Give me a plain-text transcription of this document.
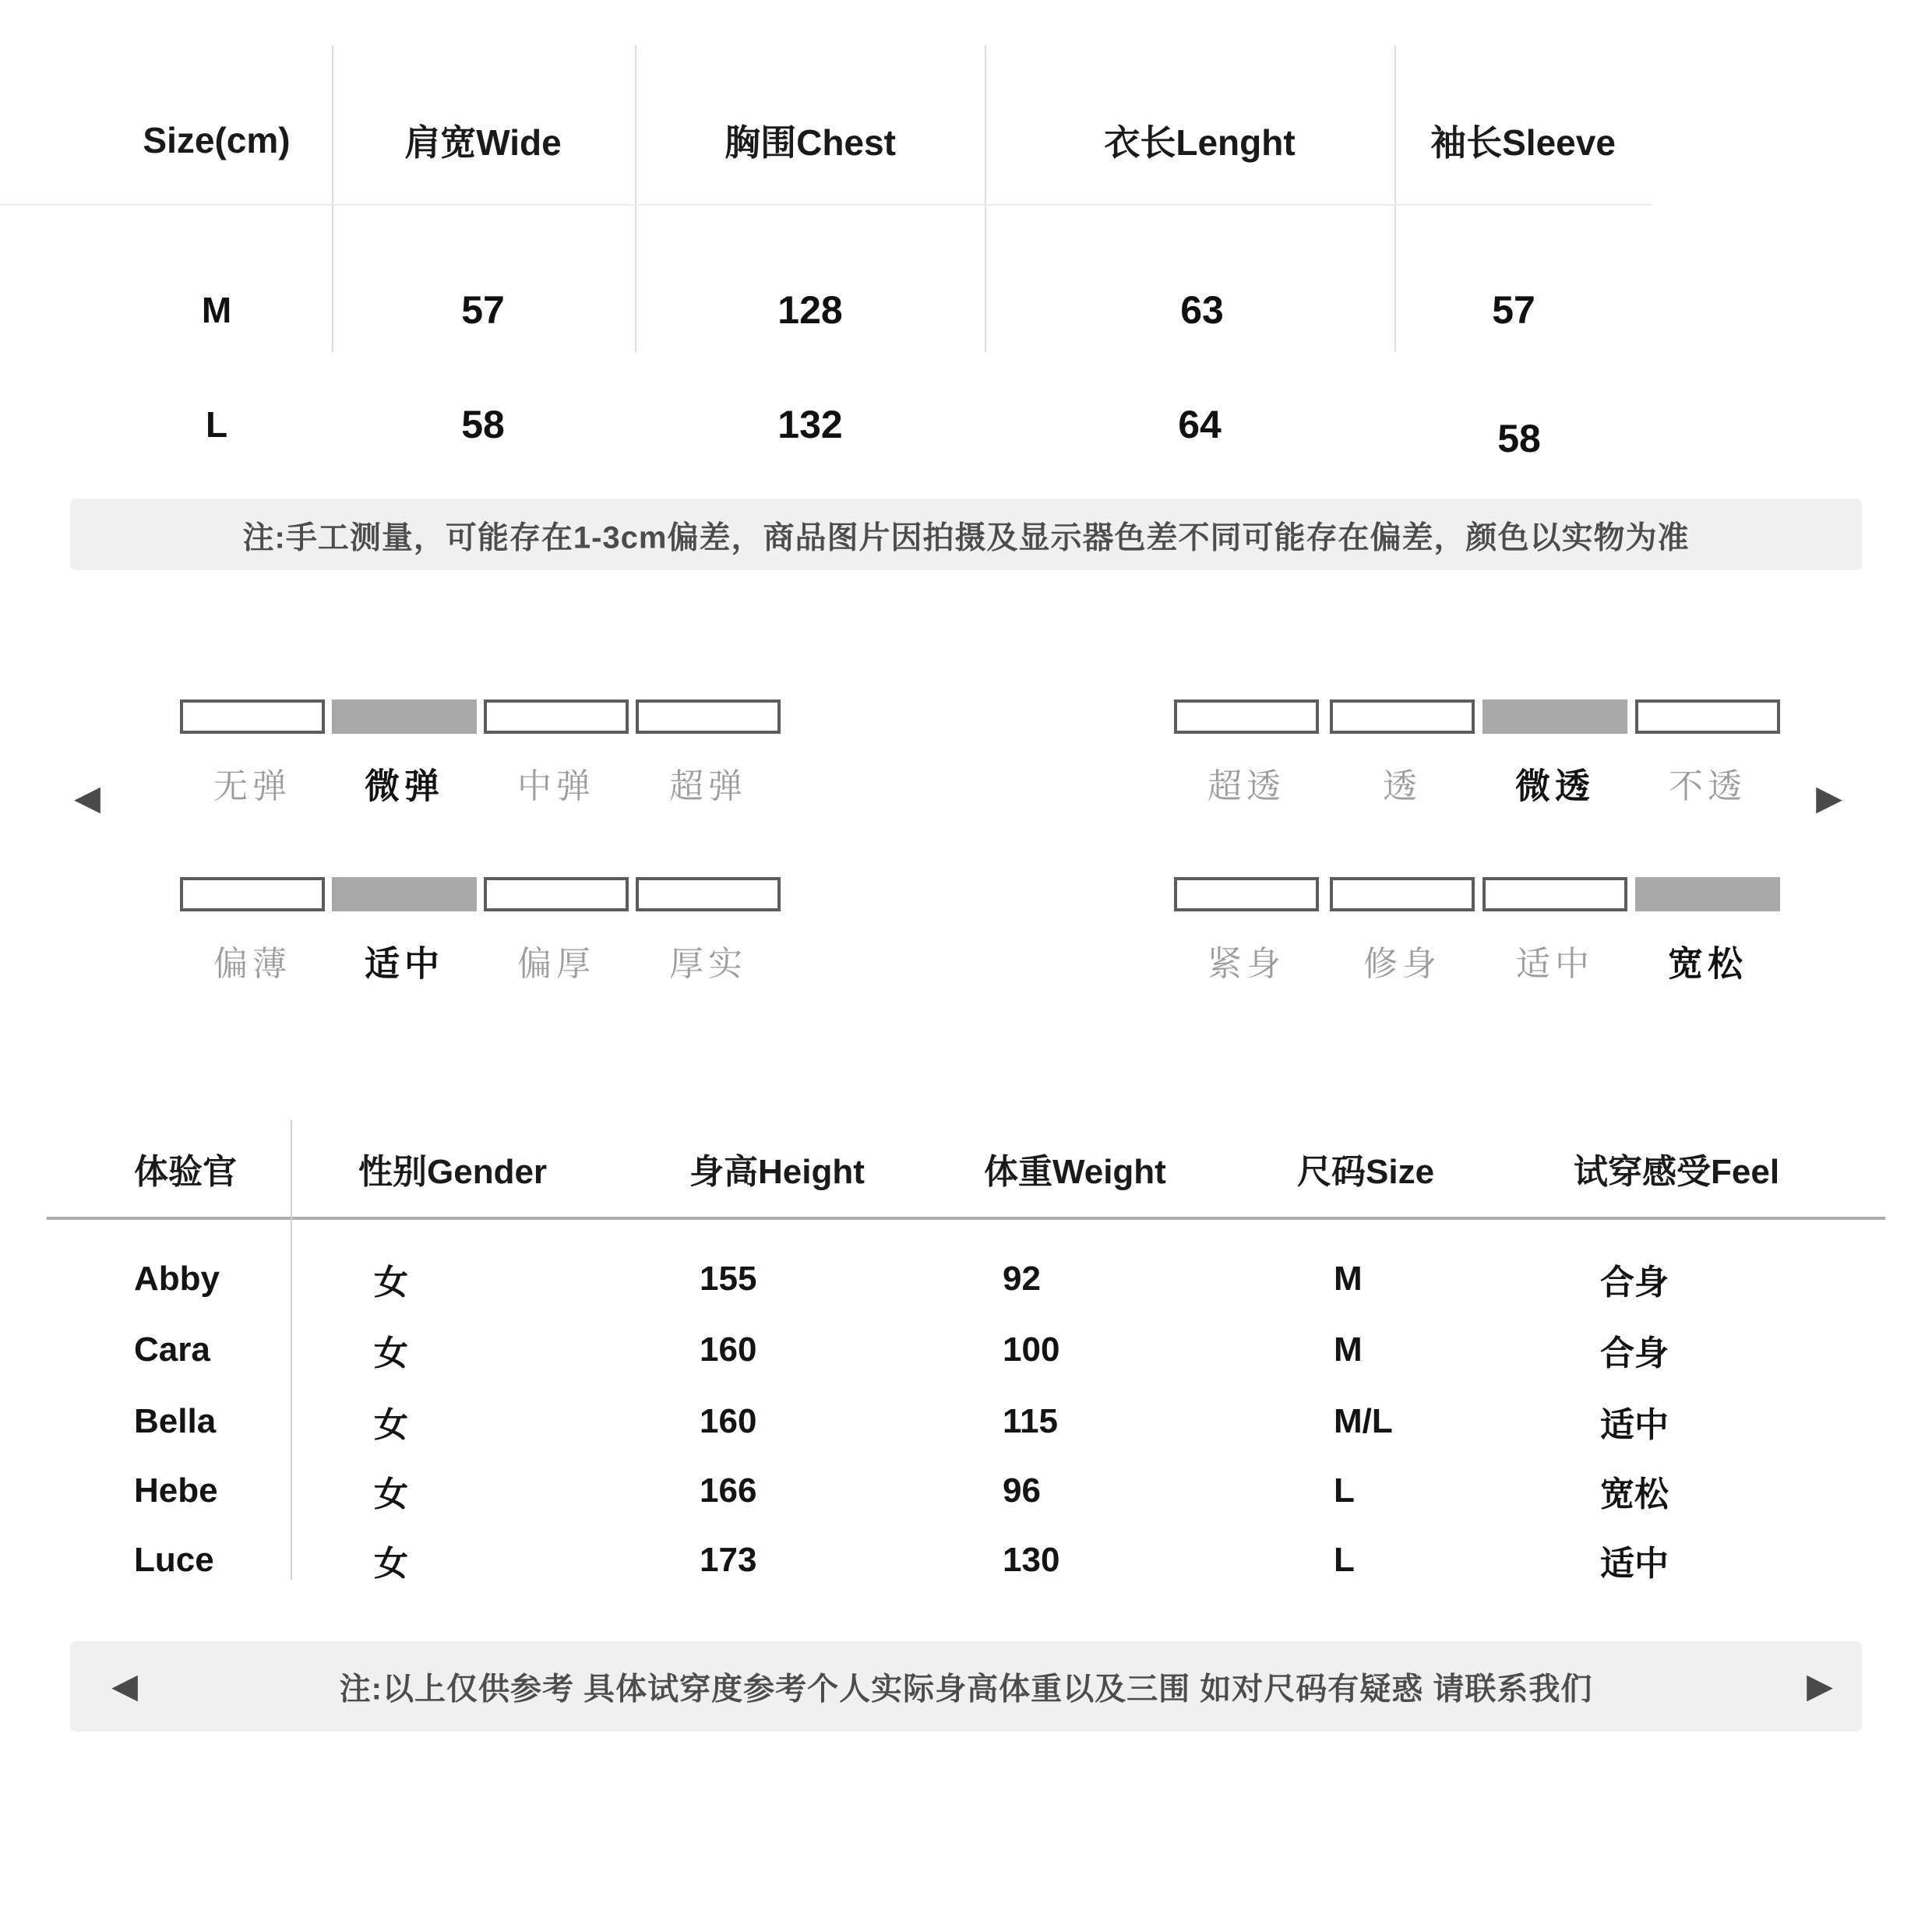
Size(cm)	肩宽Wide	胸围Chest	衣长Lenght	袖长Sleeve
M	57	128	63	57
L	58	132	64	58
注:手工测量，可能存在1-3cm偏差，商品图片因拍摄及显示器色差不同可能存在偏差，颜色以实物为准
◀	▶
无弹 微弹 中弹 超弹	超透	透	微透 不透
偏薄 适中 偏厚 厚实	紧身 修身 适中 宽松
体验官	性别Gender	身高Height	体重Weight	尺码Size	试穿感受Feel
Abby	女	155	92	M	合身
Cara	女	160	100	M	合身
Bella	女	160	115	M/L	适中
Hebe	女	166	96	L	宽松
Luce	女	173	130	L	适中
注:以上仅供参考 具体试穿度参考个人实际身高体重以及三围 如对尺码有疑惑 请联系我们
◀	▶
